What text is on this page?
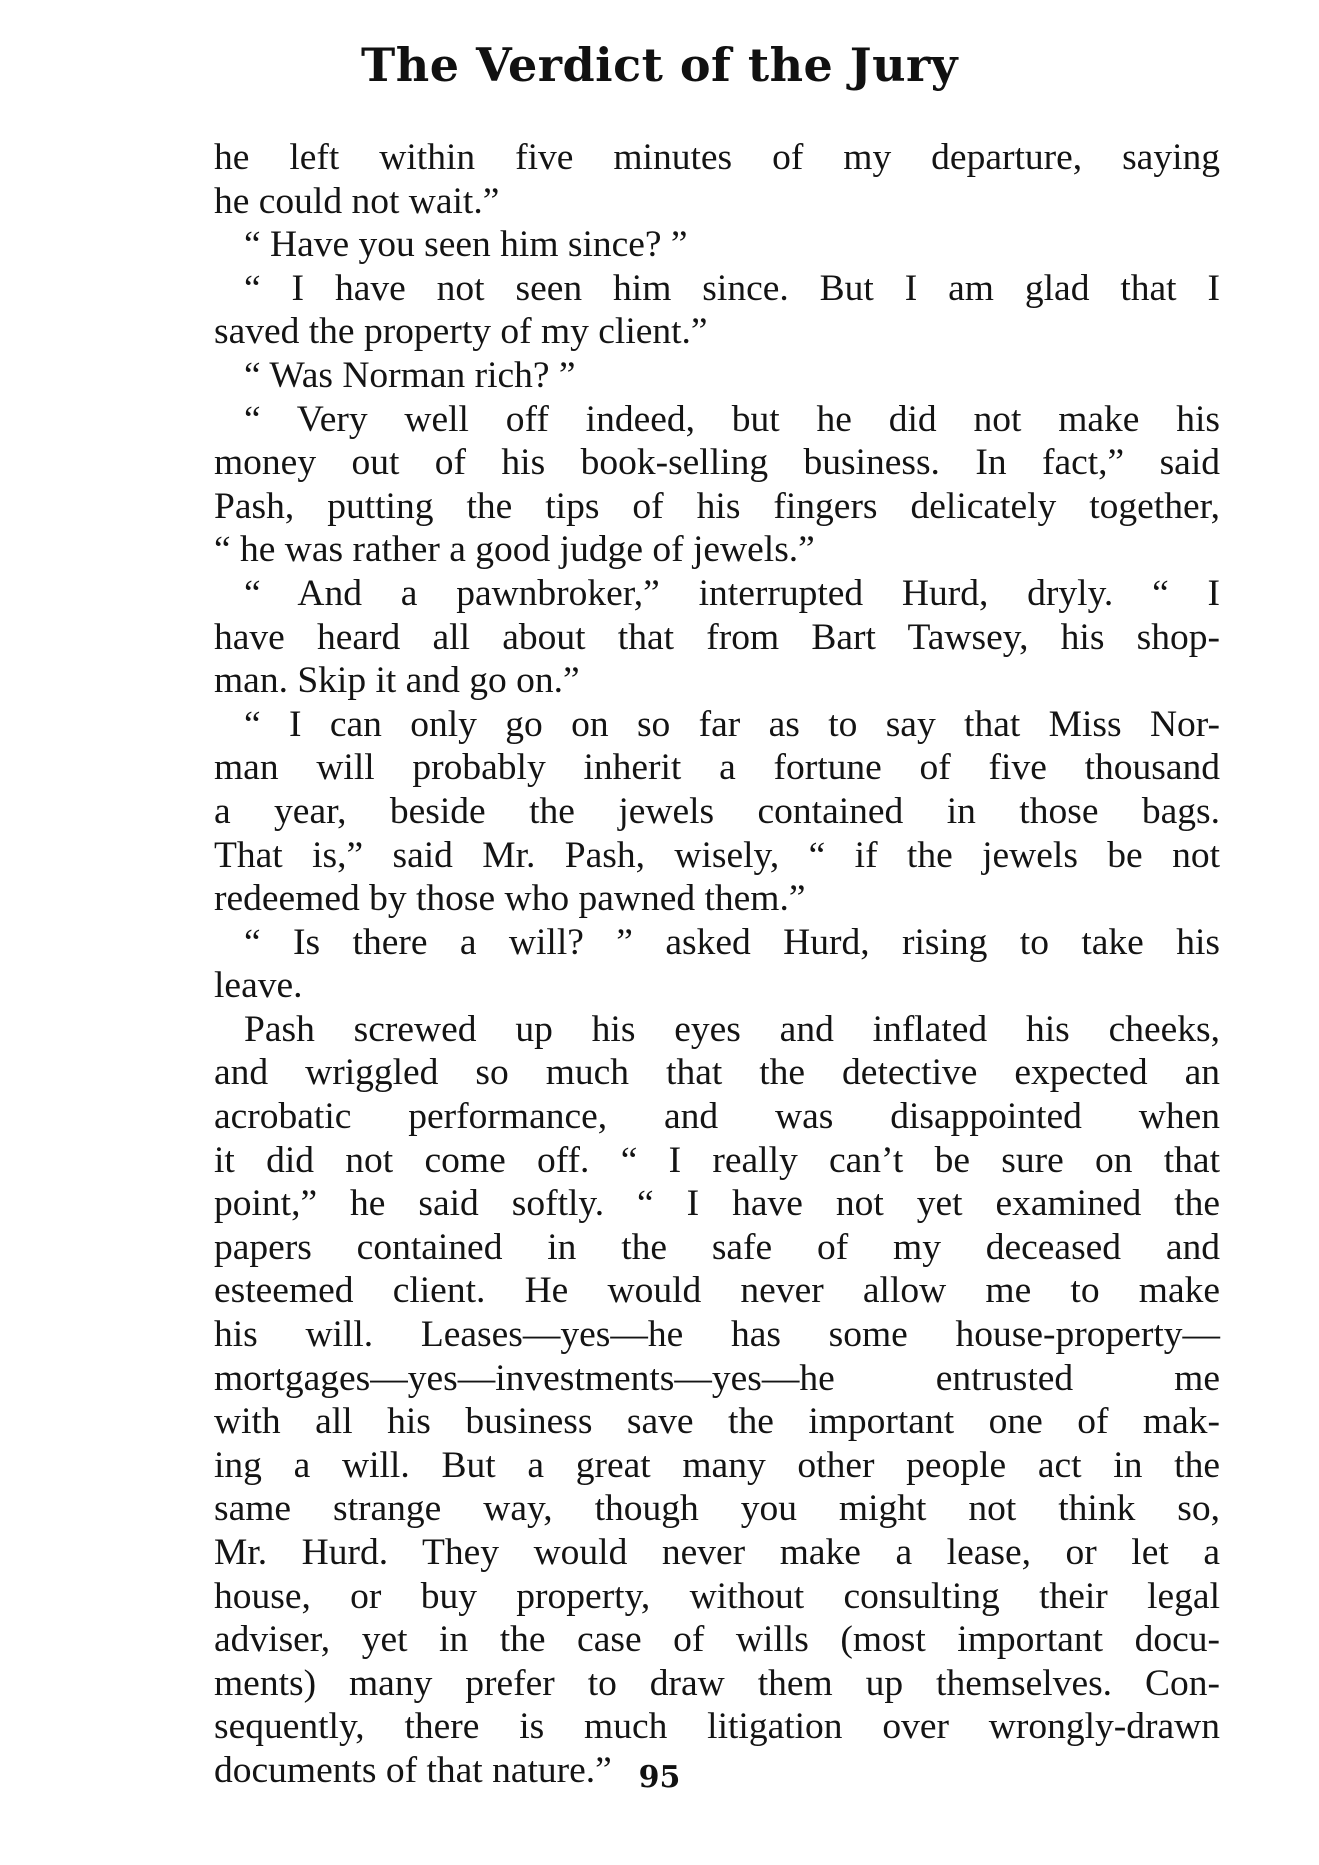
The Verdict of the Jury
he left within five minutes of my departure, saying
he could not wait.”
“ Have you seen him since? ”
“ I have not seen him since. But I am glad that I
saved the property of my client.”
“ Was Norman rich? ”
“ Very well off indeed, but he did not make his
money out of his book-selling business. In fact,” said
Pash, putting the tips of his fingers delicately together,
“ he was rather a good judge of jewels.”
“ And a pawnbroker,” interrupted Hurd, dryly. “ I
have heard all about that from Bart Tawsey, his shop-
man. Skip it and go on.”
“ I can only go on so far as to say that Miss Nor-
man will probably inherit a fortune of five thousand
a year, beside the jewels contained in those bags.
That is,” said Mr. Pash, wisely, “ if the jewels be not
redeemed by those who pawned them.”
“ Is there a will? ” asked Hurd, rising to take his
leave.
Pash screwed up his eyes and inflated his cheeks,
and wriggled so much that the detective expected an
acrobatic performance, and was disappointed when
it did not come off. “ I really can’t be sure on that
point,” he said softly. “ I have not yet examined the
papers contained in the safe of my deceased and
esteemed client. He would never allow me to make
his will. Leases—yes—he has some house-property—
mortgages—yes—investments—yes—he entrusted me
with all his business save the important one of mak-
ing a will. But a great many other people act in the
same strange way, though you might not think so,
Mr. Hurd. They would never make a lease, or let a
house, or buy property, without consulting their legal
adviser, yet in the case of wills (most important docu-
ments) many prefer to draw them up themselves. Con-
sequently, there is much litigation over wrongly-drawn
documents of that nature.” 95
